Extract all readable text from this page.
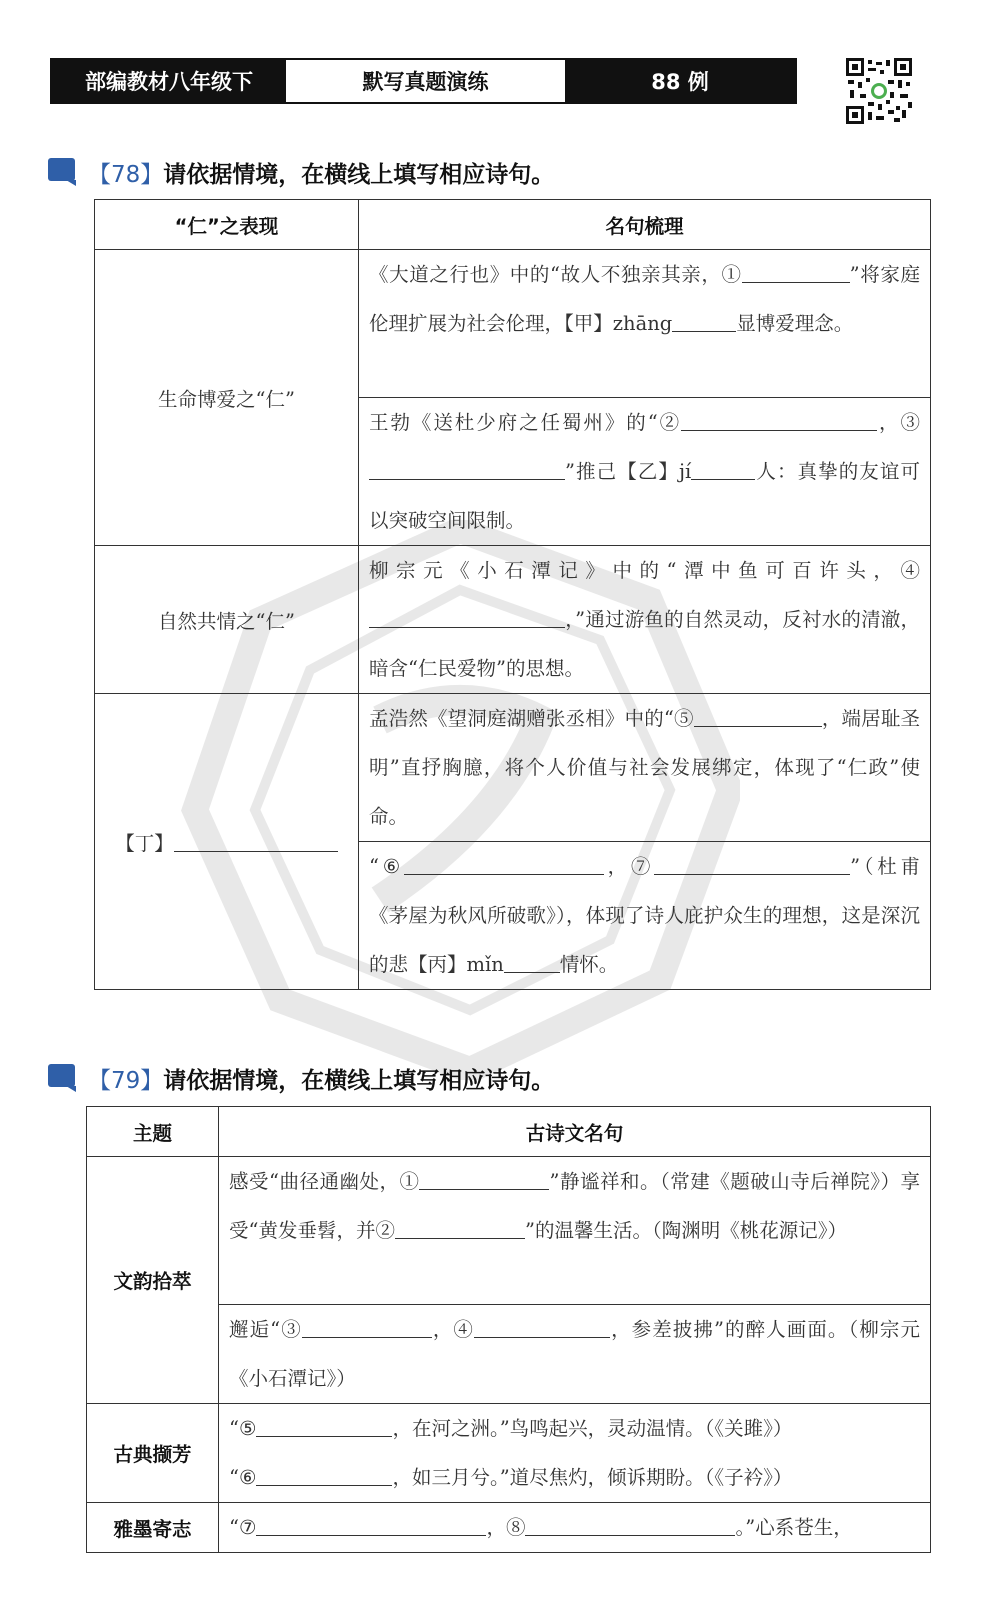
部编教材八年级下	默写真题演练	88 例
【78】 请依据情境，在横线上填写相应诗句。
“仁”之表现	名句梳理
生命博爱之“仁”	《大道之行也》中的“故人不独亲其亲，① ”将家庭伦理扩展为社会伦理，【甲】zhāng 显博爱理念。
	王勃《送杜少府之任蜀州》的“② ，③”推己【乙】jí 人：真挚的友谊可以突破空间限制。
自然共情之“仁”	柳宗元《小石潭记》中的“潭中鱼可百许头，④，”通过游鱼的自然灵动，反衬水的清澈，暗含“仁民爱物”的思想。
【丁】	孟浩然《望洞庭湖赠张丞相》中的“⑤ ，端居耻圣明”直抒胸臆，将个人价值与社会发展绑定，体现了“仁政”使命。
	“⑥ ，⑦ ”（杜甫《茅屋为秋风所破歌》），体现了诗人庇护众生的理想，这是深沉的悲【丙】mǐn 情怀。
【79】 请依据情境，在横线上填写相应诗句。
主题	古诗文名句
文韵拾萃	感受“曲径通幽处，① ”静谧祥和。（常建《题破山寺后禅院》）享受“黄发垂髫，并② ”的温馨生活。（陶渊明《桃花源记》）
	邂逅“③ ，④ ，参差披拂”的醉人画面。（柳宗元《小石潭记》）
古典撷芳	“⑤ ，在河之洲。”鸟鸣起兴，灵动温情。（《关雎》）
“⑥ ，如三月兮。”道尽焦灼，倾诉期盼。（《子衿》）
雅墨寄志	“⑦ ，⑧ 。”心系苍生，
